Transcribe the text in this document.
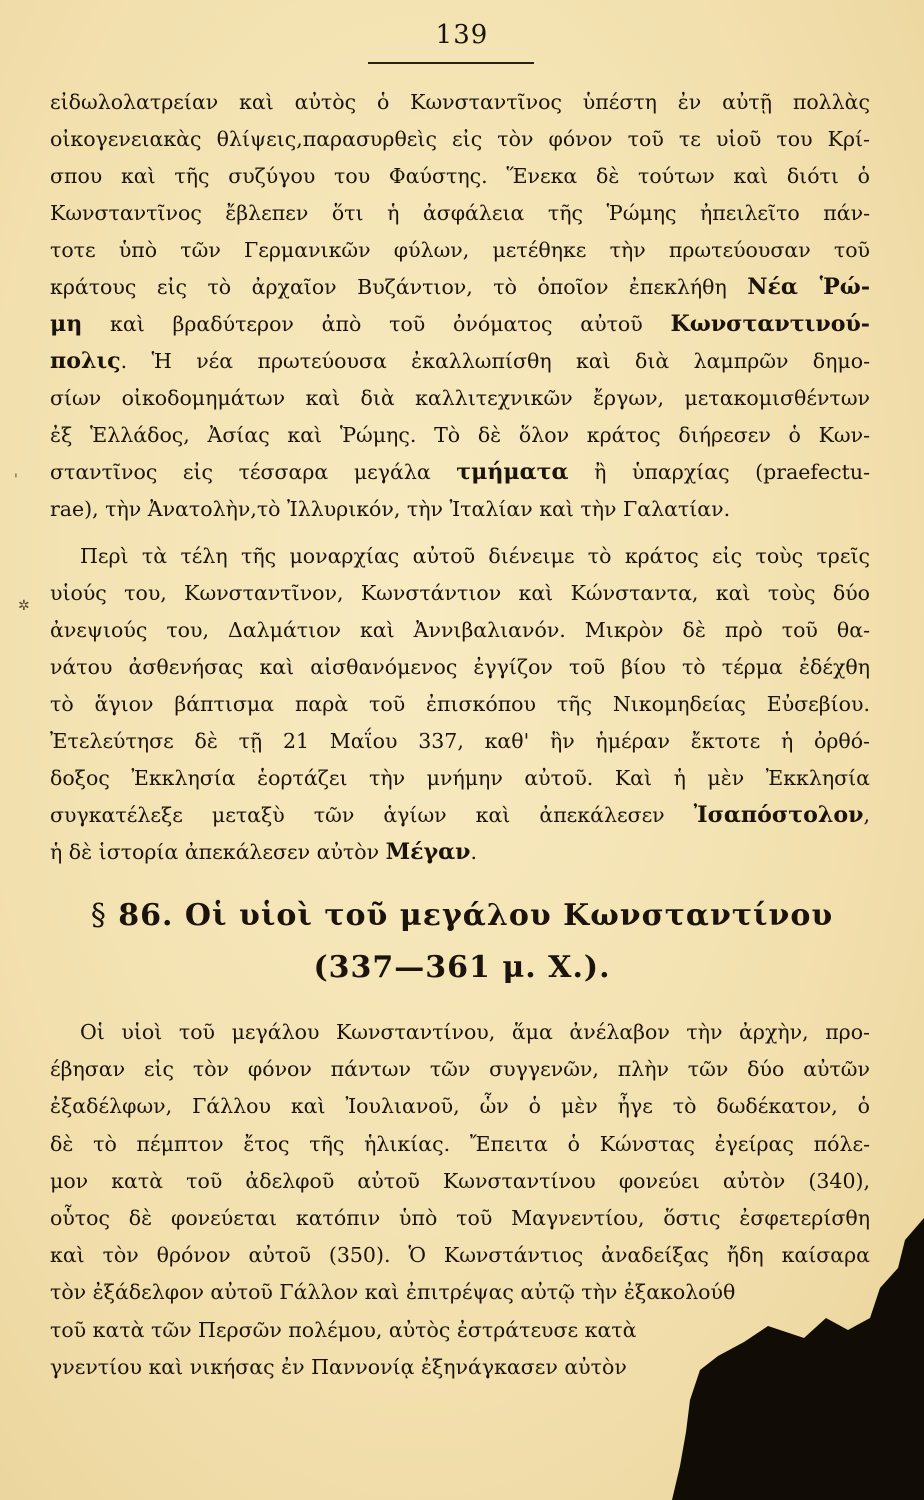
139
'
✲
εἰδωλολατρείαν καὶ αὐτὸς ὁ Κωνσταντῖνος ὑπέστη ἐν αὐτῇ πολλὰς
οἰκογενειακὰς θλίψεις,παρασυρθεὶς εἰς τὸν φόνον τοῦ τε υἱοῦ του Κρί-
σπου καὶ τῆς συζύγου του Φαύστης. Ἕνεκα δὲ τούτων καὶ διότι ὁ
Κωνσταντῖνος ἔβλεπεν ὅτι ἡ ἀσφάλεια τῆς Ῥώμης ἠπειλεῖτο πάν-
τοτε ὑπὸ τῶν Γερμανικῶν φύλων, μετέθηκε τὴν πρωτεύουσαν τοῦ
κράτους εἰς τὸ ἀρχαῖον Βυζάντιον, τὸ ὁποῖον ἐπεκλήθη Νέα Ῥώ-
μη καὶ βραδύτερον ἀπὸ τοῦ ὀνόματος αὐτοῦ Κωνσταντινού-
πολις. Ἡ νέα πρωτεύουσα ἐκαλλωπίσθη καὶ διὰ λαμπρῶν δημο-
σίων οἰκοδομημάτων καὶ διὰ καλλιτεχνικῶν ἔργων, μετακομισθέντων
ἐξ Ἑλλάδος, Ἀσίας καὶ Ῥώμης. Τὸ δὲ ὅλον κράτος διήρεσεν ὁ Κων-
σταντῖνος εἰς τέσσαρα μεγάλα τμήματα ἢ ὑπαρχίας (praefectu-
rae), τὴν Ἀνατολὴν,τὸ Ἰλλυρικόν, τὴν Ἰταλίαν καὶ τὴν Γαλατίαν.
Περὶ τὰ τέλη τῆς μοναρχίας αὐτοῦ διένειμε τὸ κράτος εἰς τοὺς τρεῖς
υἱούς του, Κωνσταντῖνον, Κωνστάντιον καὶ Κώνσταντα, καὶ τοὺς δύο
ἀνεψιούς του, Δαλμάτιον καὶ Ἀννιβαλιανόν. Μικρὸν δὲ πρὸ τοῦ θα-
νάτου ἀσθενήσας καὶ αἰσθανόμενος ἐγγίζον τοῦ βίου τὸ τέρμα ἐδέχθη
τὸ ἅγιον βάπτισμα παρὰ τοῦ ἐπισκόπου τῆς Νικομηδείας Εὐσεβίου.
Ἐτελεύτησε δὲ τῇ 21 Μαΐου 337, καθ' ἣν ἡμέραν ἔκτοτε ἡ ὀρθό-
δοξος Ἐκκλησία ἑορτάζει τὴν μνήμην αὐτοῦ. Καὶ ἡ μὲν Ἐκκλησία
συγκατέλεξε μεταξὺ τῶν ἁγίων καὶ ἀπεκάλεσεν Ἰσαπόστολον,
ἡ δὲ ἱστορία ἀπεκάλεσεν αὐτὸν Μέγαν.
§ 86. Οἱ υἱοὶ τοῦ μεγάλου Κωνσταντίνου
(337—361 μ. Χ.).
Οἱ υἱοὶ τοῦ μεγάλου Κωνσταντίνου, ἅμα ἀνέλαβον τὴν ἀρχὴν, προ-
έβησαν εἰς τὸν φόνον πάντων τῶν συγγενῶν, πλὴν τῶν δύο αὐτῶν
ἐξαδέλφων, Γάλλου καὶ Ἰουλιανοῦ, ὧν ὁ μὲν ἦγε τὸ δωδέκατον, ὁ
δὲ τὸ πέμπτον ἔτος τῆς ἡλικίας. Ἔπειτα ὁ Κώνστας ἐγείρας πόλε-
μον κατὰ τοῦ ἀδελφοῦ αὐτοῦ Κωνσταντίνου φονεύει αὐτὸν (340),
οὗτος δὲ φονεύεται κατόπιν ὑπὸ τοῦ Μαγνεντίου, ὅστις ἐσφετερίσθη
καὶ τὸν θρόνον αὐτοῦ (350). Ὁ Κωνστάντιος ἀναδείξας ἤδη καίσαρα
τὸν ἐξάδελφον αὐτοῦ Γάλλον καὶ ἐπιτρέψας αὐτῷ τὴν ἐξακολούθ
τοῦ κατὰ τῶν Περσῶν πολέμου, αὐτὸς ἐστράτευσε κατὰ
γνεντίου καὶ νικήσας ἐν Παννονίᾳ ἐξηνάγκασεν αὐτὸν
